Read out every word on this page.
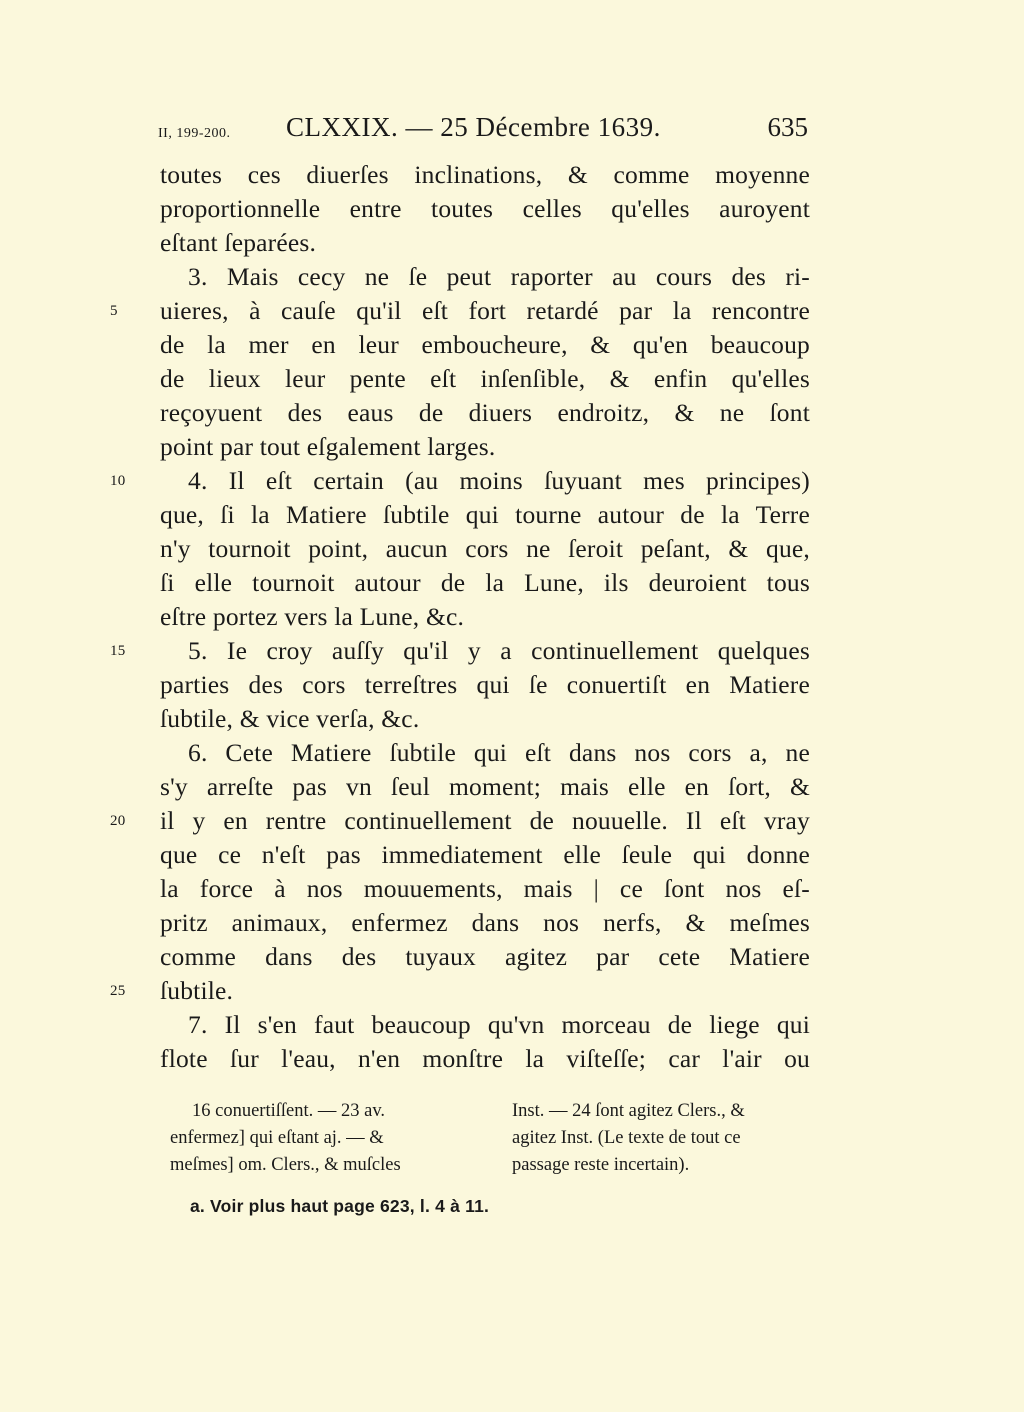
II, 199-200. CLXXIX. — 25 Décembre 1639.	635
toutes ces diuerſes inclinations, & comme moyenne
proportionnelle entre toutes celles qu'elles auroyent
eſtant ſeparées.
3. Mais cecy ne ſe peut raporter au cours des ri-
5	uieres, à cauſe qu'il eſt fort retardé par la rencontre
de la mer en leur emboucheure, & qu'en beaucoup
de lieux leur pente eſt inſenſible, & enfin qu'elles
reçoyuent des eaus de diuers endroitz, & ne ſont
point par tout eſgalement larges.
10	4. Il eſt certain (au moins ſuyuant mes principes)
que, ſi la Matiere ſubtile qui tourne autour de la Terre
n'y tournoit point, aucun cors ne ſeroit peſant, & que,
ſi elle tournoit autour de la Lune, ils deuroient tous
eſtre portez vers la Lune, &c.
15	5. Ie croy auſſy qu'il y a continuellement quelques
parties des cors terreſtres qui ſe conuertiſt en Matiere
ſubtile, & vice verſa, &c.
6. Cete Matiere ſubtile qui eſt dans nos cors a, ne
s'y arreſte pas vn ſeul moment; mais elle en ſort, &
20	il y en rentre continuellement de nouuelle. Il eſt vray
que ce n'eſt pas immediatement elle ſeule qui donne
la force à nos mouuements, mais | ce ſont nos eſ-
pritz animaux, enfermez dans nos nerfs, & meſmes
comme dans des tuyaux agitez par cete Matiere
25	ſubtile.
7. Il s'en faut beaucoup qu'vn morceau de liege qui
flote ſur l'eau, n'en monſtre la viſteſſe; car l'air ou
16 conuertiſſent. — 23 av.
enfermez] qui eſtant aj. — &
meſmes] om. Clers., & muſcles
Inst. — 24 ſont agitez Clers., &
agitez Inst. (Le texte de tout ce
passage reste incertain).
a. Voir plus haut page 623, l. 4 à 11.
